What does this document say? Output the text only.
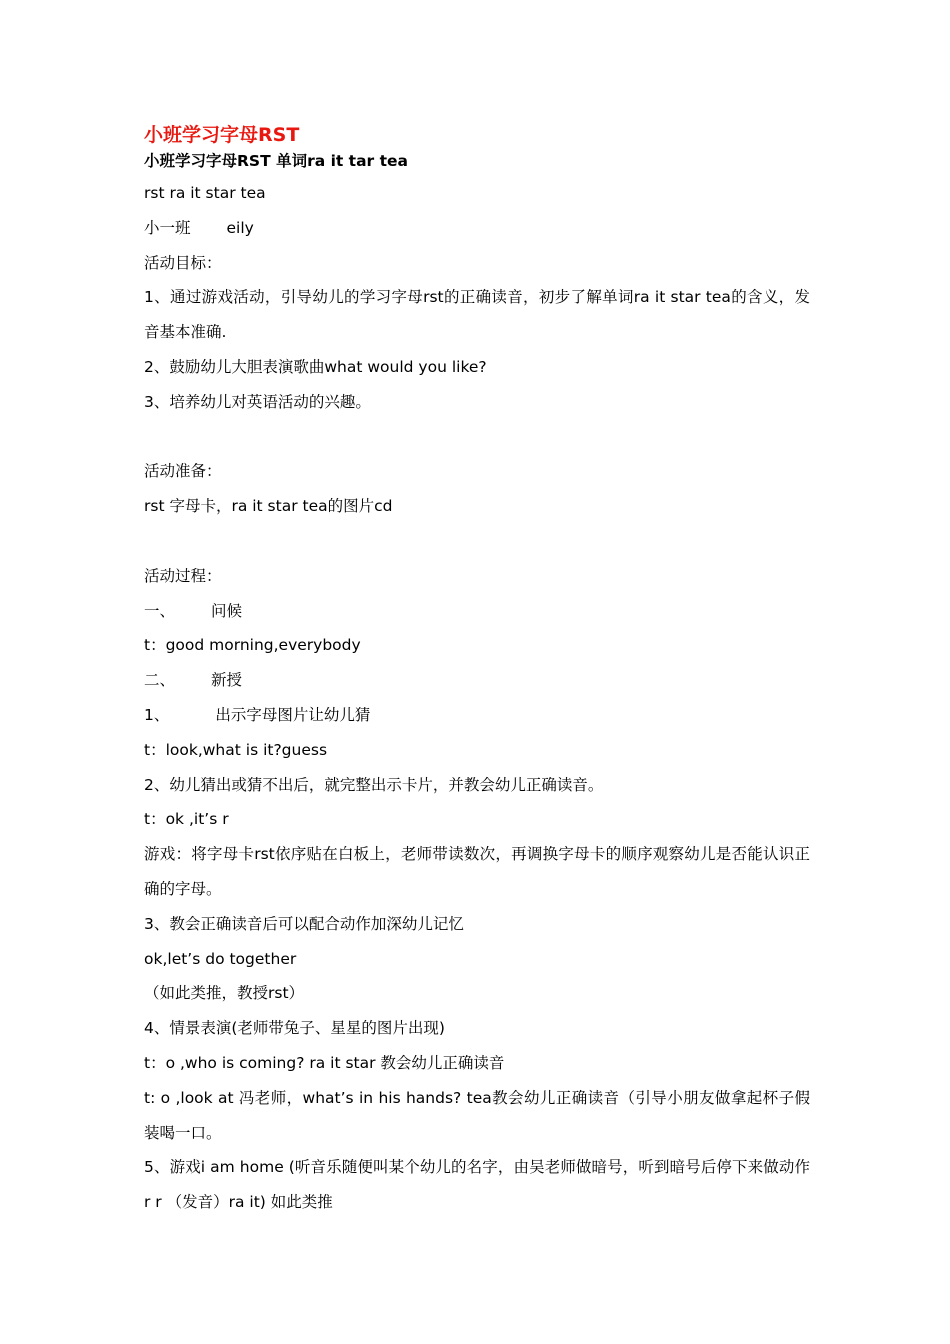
小班学习字母RST

小班学习字母RST 单词ra it tar tea

rst ra it star tea

小一班 eily

活动目标：

1、通过游戏活动，引导幼儿的学习字母rst的正确读音，初步了解单词ra it star tea的含义，发音基本准确.

2、鼓励幼儿大胆表演歌曲what would you like?

3、培养幼儿对英语活动的兴趣。

活动准备：

rst 字母卡，ra it star tea的图片cd

活动过程：

一、 问候

t：good morning,everybody

二、 新授

1、	出示字母图片让幼儿猜

t：look,what is it?guess

2、幼儿猜出或猜不出后，就完整出示卡片，并教会幼儿正确读音。

t：ok ,it’s r

游戏：将字母卡rst依序贴在白板上，老师带读数次，再调换字母卡的顺序观察幼儿是否能认识正确的字母。

3、教会正确读音后可以配合动作加深幼儿记忆

ok,let’s do together

（如此类推，教授rst）

4、情景表演(老师带兔子、星星的图片出现)

t：o ,who is coming? ra it star 教会幼儿正确读音

t: o ,look at 冯老师，what’s in his hands? tea教会幼儿正确读音（引导小朋友做拿起杯子假装喝一口。

5、游戏i am home (听音乐随便叫某个幼儿的名字，由吴老师做暗号，听到暗号后停下来做动作r r （发音）ra it) 如此类推
